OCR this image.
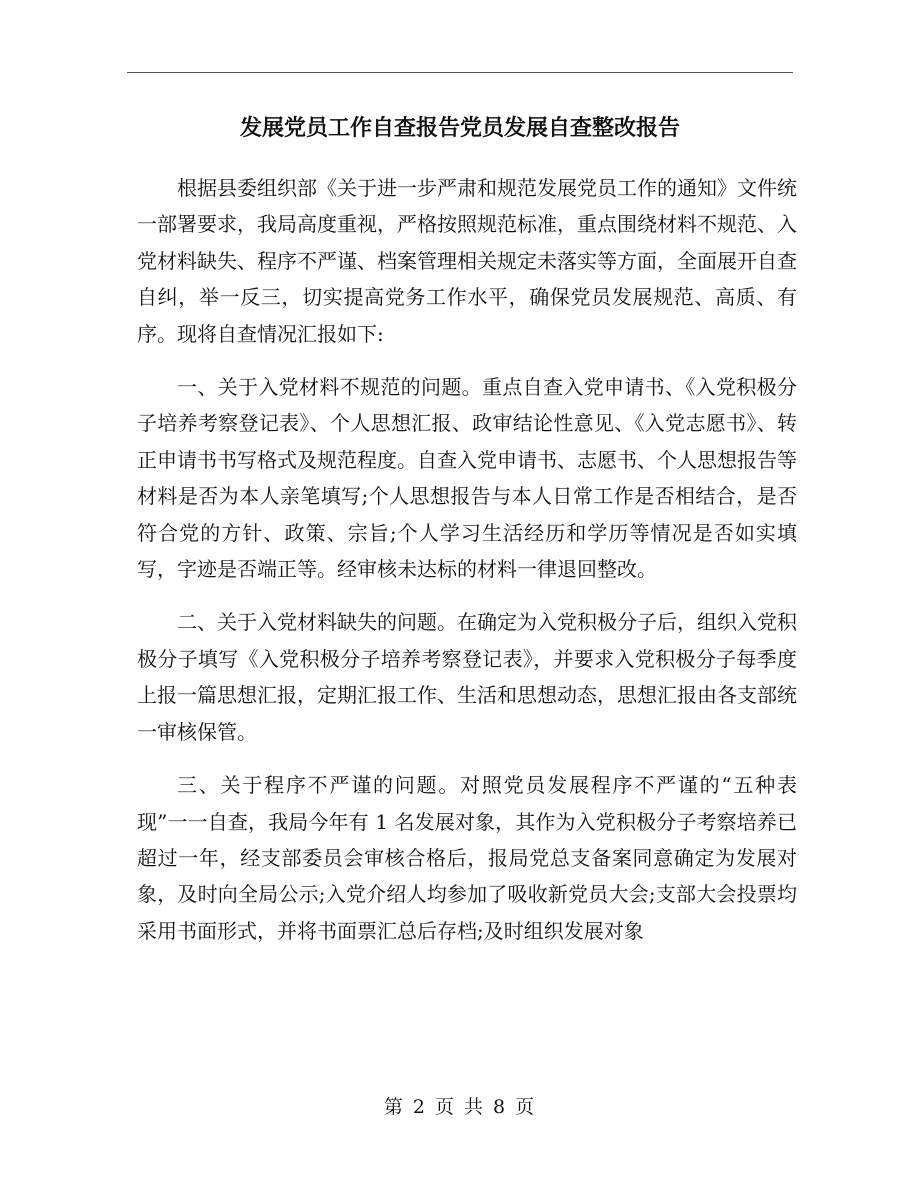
发展党员工作自查报告党员发展自查整改报告

根据县委组织部《关于进一步严肃和规范发展党员工作的通知》文件统一部署要求，我局高度重视，严格按照规范标准，重点围绕材料不规范、入党材料缺失、程序不严谨、档案管理相关规定未落实等方面，全面展开自查自纠，举一反三，切实提高党务工作水平，确保党员发展规范、高质、有序。现将自查情况汇报如下:

一、关于入党材料不规范的问题。重点自查入党申请书、《入党积极分子培养考察登记表》、个人思想汇报、政审结论性意见、《入党志愿书》、转正申请书书写格式及规范程度。自查入党申请书、志愿书、个人思想报告等材料是否为本人亲笔填写;个人思想报告与本人日常工作是否相结合，是否符合党的方针、政策、宗旨;个人学习生活经历和学历等情况是否如实填写，字迹是否端正等。经审核未达标的材料一律退回整改。

二、关于入党材料缺失的问题。在确定为入党积极分子后，组织入党积极分子填写《入党积极分子培养考察登记表》，并要求入党积极分子每季度上报一篇思想汇报，定期汇报工作、生活和思想动态，思想汇报由各支部统一审核保管。

三、关于程序不严谨的问题。对照党员发展程序不严谨的“五种表现”一一自查，我局今年有 1 名发展对象，其作为入党积极分子考察培养已超过一年，经支部委员会审核合格后，报局党总支备案同意确定为发展对象，及时向全局公示;入党介绍人均参加了吸收新党员大会;支部大会投票均采用书面形式，并将书面票汇总后存档;及时组织发展对象

第 2 页 共 8 页
